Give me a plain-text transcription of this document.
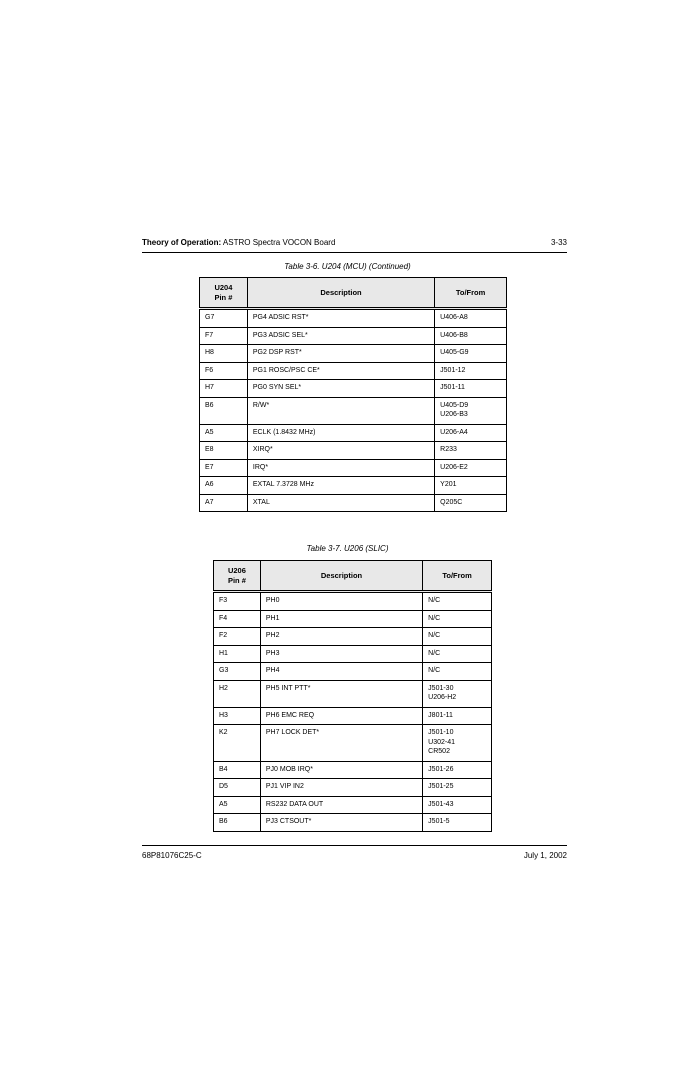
Theory of Operation: ASTRO Spectra VOCON Board	3-33
Table 3-6. U204 (MCU) (Continued)
U204
Pin #	Description	To/From
G7	PG4 ADSIC RST*	U406-A8

F7	PG3 ADSIC SEL*	U406-B8

H8	PG2 DSP RST*	U405-G9

F6	PG1 ROSC/PSC CE*	J501-12

H7	PG0 SYN SEL*	J501-11

B6	R/W*	U405-D9
U206-B3

A5	ECLK (1.8432 MHz)	U206-A4

E8	XIRQ*	R233

E7	IRQ*	U206-E2

A6	EXTAL 7.3728 MHz	Y201

A7	XTAL	Q205C
Table 3-7. U206 (SLIC)
U206
Pin #	Description	To/From
F3	PH0	N/C

F4	PH1	N/C

F2	PH2	N/C

H1	PH3	N/C

G3	PH4	N/C

H2	PH5 INT PTT*	J501-30
U206-H2

H3	PH6 EMC REQ	J801-11

K2	PH7 LOCK DET*	J501-10
U302-41
CR502

B4	PJ0 MOB IRQ*	J501-26

D5	PJ1 VIP IN2	J501-25

A5	RS232 DATA OUT	J501-43

B6	PJ3 CTSOUT*	J501-5
68P81076C25-C	July 1, 2002
